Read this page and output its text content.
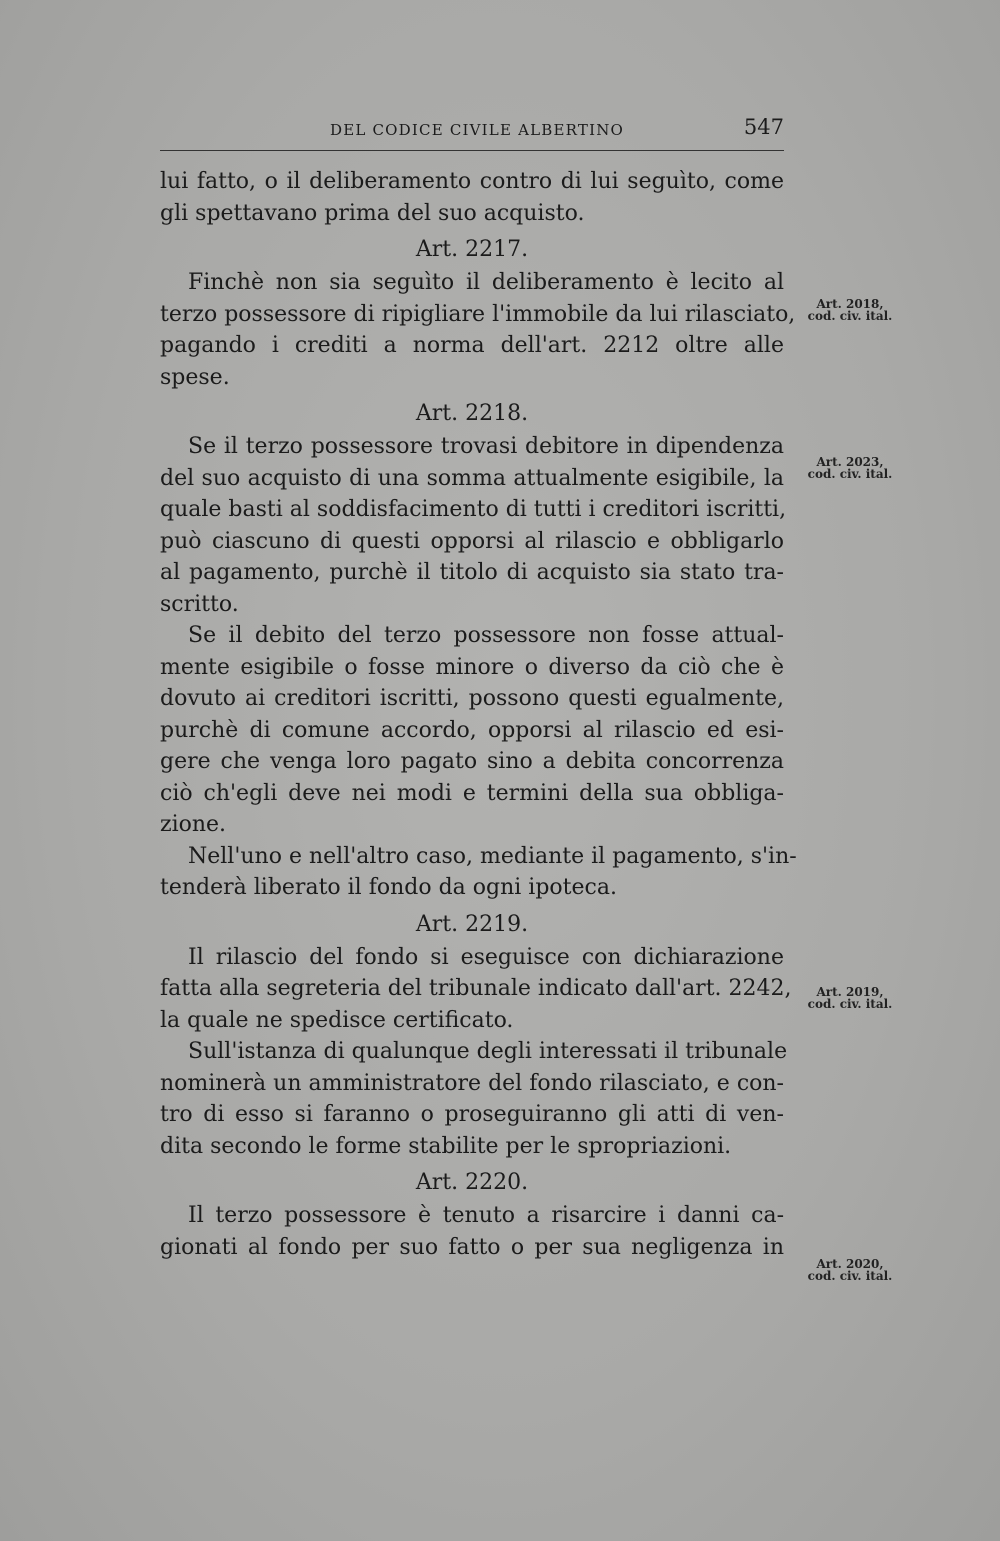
DEL CODICE CIVILE ALBERTINO	547
lui fatto, o il deliberamento contro di lui seguìto, come
gli spettavano prima del suo acquisto.
Art. 2217.
Finchè non sia seguìto il deliberamento è lecito al
terzo possessore di ripigliare l'immobile da lui rilasciato,
pagando i crediti a norma dell'art. 2212 oltre alle
spese.
Art. 2218.
Se il terzo possessore trovasi debitore in dipendenza
del suo acquisto di una somma attualmente esigibile, la
quale basti al soddisfacimento di tutti i creditori iscritti,
può ciascuno di questi opporsi al rilascio e obbligarlo
al pagamento, purchè il titolo di acquisto sia stato tra-
scritto.
Se il debito del terzo possessore non fosse attual-
mente esigibile o fosse minore o diverso da ciò che è
dovuto ai creditori iscritti, possono questi egualmente,
purchè di comune accordo, opporsi al rilascio ed esi-
gere che venga loro pagato sino a debita concorrenza
ciò ch'egli deve nei modi e termini della sua obbliga-
zione.
Nell'uno e nell'altro caso, mediante il pagamento, s'in-
tenderà liberato il fondo da ogni ipoteca.
Art. 2219.
Il rilascio del fondo si eseguisce con dichiarazione
fatta alla segreteria del tribunale indicato dall'art. 2242,
la quale ne spedisce certificato.
Sull'istanza di qualunque degli interessati il tribunale
nominerà un amministratore del fondo rilasciato, e con-
tro di esso si faranno o proseguiranno gli atti di ven-
dita secondo le forme stabilite per le spropriazioni.
Art. 2220.
Il terzo possessore è tenuto a risarcire i danni ca-
gionati al fondo per suo fatto o per sua negligenza in
Art. 2018,
cod. civ. ital.
Art. 2023,
cod. civ. ital.
Art. 2019,
cod. civ. ital.
Art. 2020,
cod. civ. ital.
